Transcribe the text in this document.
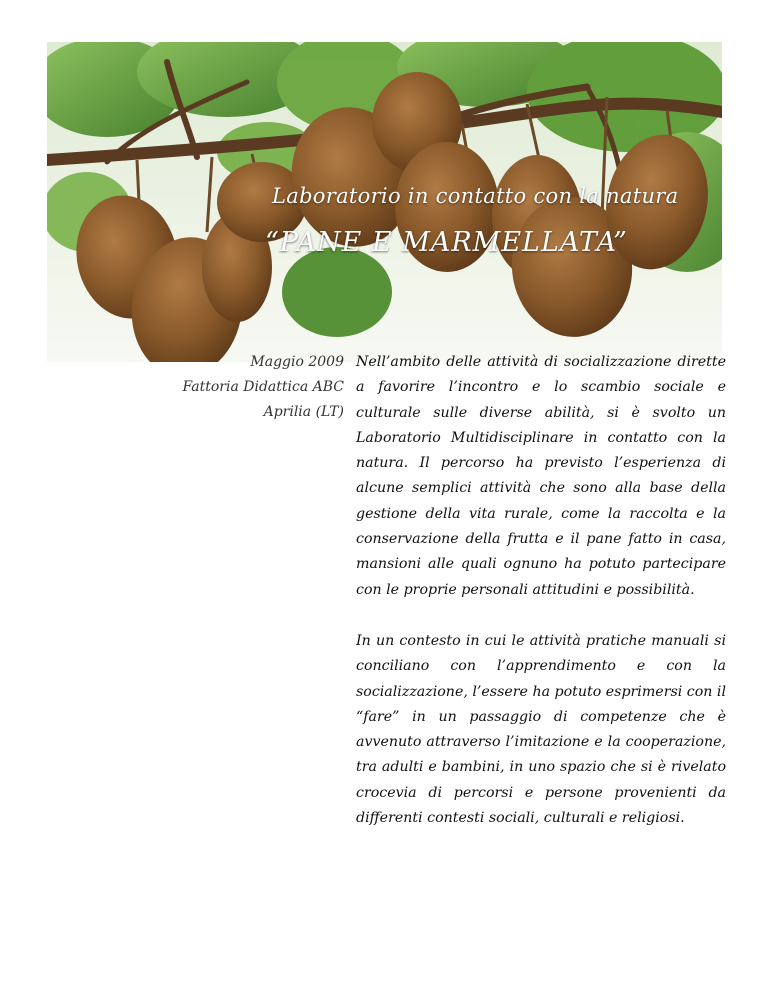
Laboratorio in contatto con la natura
“PANE E MARMELLATA”
Maggio 2009
Fattoria Didattica ABC
Aprilia (LT)

Nell’ambito delle attività di socializzazione dirette a favorire l’incontro e lo scambio sociale e culturale sulle diverse abilità, si è svolto un Laboratorio Multidisciplinare in contatto con la natura. Il percorso ha previsto l’esperienza di alcune semplici attività che sono alla base della gestione della vita rurale, come la raccolta e la conservazione della frutta e il pane fatto in casa, mansioni alle quali ognuno ha potuto partecipare con le proprie personali attitudini e possibilità.

In un contesto in cui le attività pratiche manuali si conciliano con l’apprendimento e con la socializzazione, l’essere ha potuto esprimersi con il “fare” in un passaggio di competenze che è avvenuto attraverso l’imitazione e la cooperazione, tra adulti e bambini, in uno spazio che si è rivelato crocevia di percorsi e persone provenienti da differenti contesti sociali, culturali e religiosi.
